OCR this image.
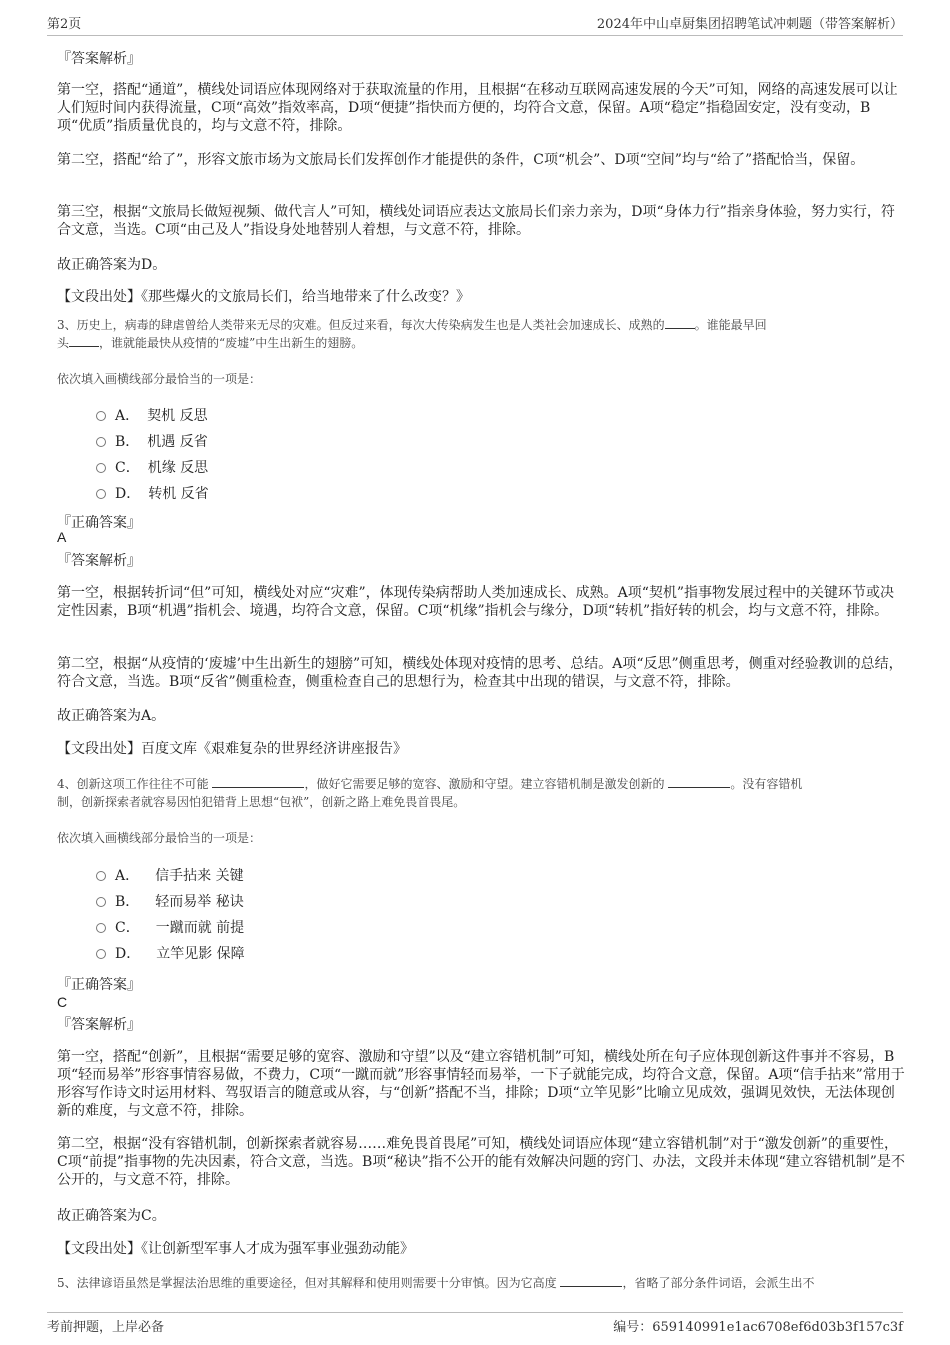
第2页	2024年中山卓厨集团招聘笔试冲刺题（带答案解析）
『答案解析』
第一空，搭配“通道”，横线处词语应体现网络对于获取流量的作用，且根据“在移动互联网高速发展的今天”可知，网络的高速发展可以让人们短时间内获得流量，C项“高效”指效率高，D项“便捷”指快而方便的，均符合文意，保留。A项“稳定”指稳固安定，没有变动，B项“优质”指质量优良的，均与文意不符，排除。
第二空，搭配“给了”，形容文旅市场为文旅局长们发挥创作才能提供的条件，C项“机会”、D项“空间”均与“给了”搭配恰当，保留。
第三空，根据“文旅局长做短视频、做代言人”可知，横线处词语应表达文旅局长们亲力亲为，D项“身体力行”指亲身体验，努力实行，符合文意，当选。C项“由己及人”指设身处地替别人着想，与文意不符，排除。
故正确答案为D。
【文段出处】《那些爆火的文旅局长们，给当地带来了什么改变？》
3、历史上，病毒的肆虐曾给人类带来无尽的灾难。但反过来看，每次大传染病发生也是人类社会加速成长、成熟的	。谁能最早回
头	，谁就能最快从疫情的“废墟”中生出新生的翅膀。
依次填入画横线部分最恰当的一项是：
A． 契机 反思
B． 机遇 反省
C． 机缘 反思
D． 转机 反省
『正确答案』
A
『答案解析』
第一空，根据转折词“但”可知，横线处对应“灾难”，体现传染病帮助人类加速成长、成熟。A项“契机”指事物发展过程中的关键环节或决定性因素，B项“机遇”指机会、境遇，均符合文意，保留。C项“机缘”指机会与缘分，D项“转机”指好转的机会，均与文意不符，排除。
第二空，根据“从疫情的‘废墟’中生出新生的翅膀”可知，横线处体现对疫情的思考、总结。A项“反思”侧重思考，侧重对经验教训的总结，符合文意，当选。B项“反省”侧重检查，侧重检查自己的思想行为，检查其中出现的错误，与文意不符，排除。
故正确答案为A。
【文段出处】百度文库《艰难复杂的世界经济讲座报告》
4、创新这项工作往往不可能	，做好它需要足够的宽容、激励和守望。建立容错机制是激发创新的	。没有容错机
制，创新探索者就容易因怕犯错背上思想“包袱”，创新之路上难免畏首畏尾。
依次填入画横线部分最恰当的一项是：
A． 信手拈来 关键
B． 轻而易举 秘诀
C． 一蹴而就 前提
D． 立竿见影 保障
『正确答案』
C
『答案解析』
第一空，搭配“创新”，且根据“需要足够的宽容、激励和守望”以及“建立容错机制”可知，横线处所在句子应体现创新这件事并不容易，B项“轻而易举”形容事情容易做，不费力，C项“一蹴而就”形容事情轻而易举，一下子就能完成，均符合文意，保留。A项“信手拈来”常用于形容写作诗文时运用材料、驾驭语言的随意或从容，与“创新”搭配不当，排除；D项“立竿见影”比喻立见成效，强调见效快，无法体现创新的难度，与文意不符，排除。
第二空，根据“没有容错机制，创新探索者就容易……难免畏首畏尾”可知，横线处词语应体现“建立容错机制”对于“激发创新”的重要性，C项“前提”指事物的先决因素，符合文意，当选。B项“秘诀”指不公开的能有效解决问题的窍门、办法，文段并未体现“建立容错机制”是不公开的，与文意不符，排除。
故正确答案为C。
【文段出处】《让创新型军事人才成为强军事业强劲动能》
5、法律谚语虽然是掌握法治思维的重要途径，但对其解释和使用则需要十分审慎。因为它高度	，省略了部分条件词语，会派生出不
考前押题，上岸必备	编号：659140991e1ac6708ef6d03b3f157c3f
